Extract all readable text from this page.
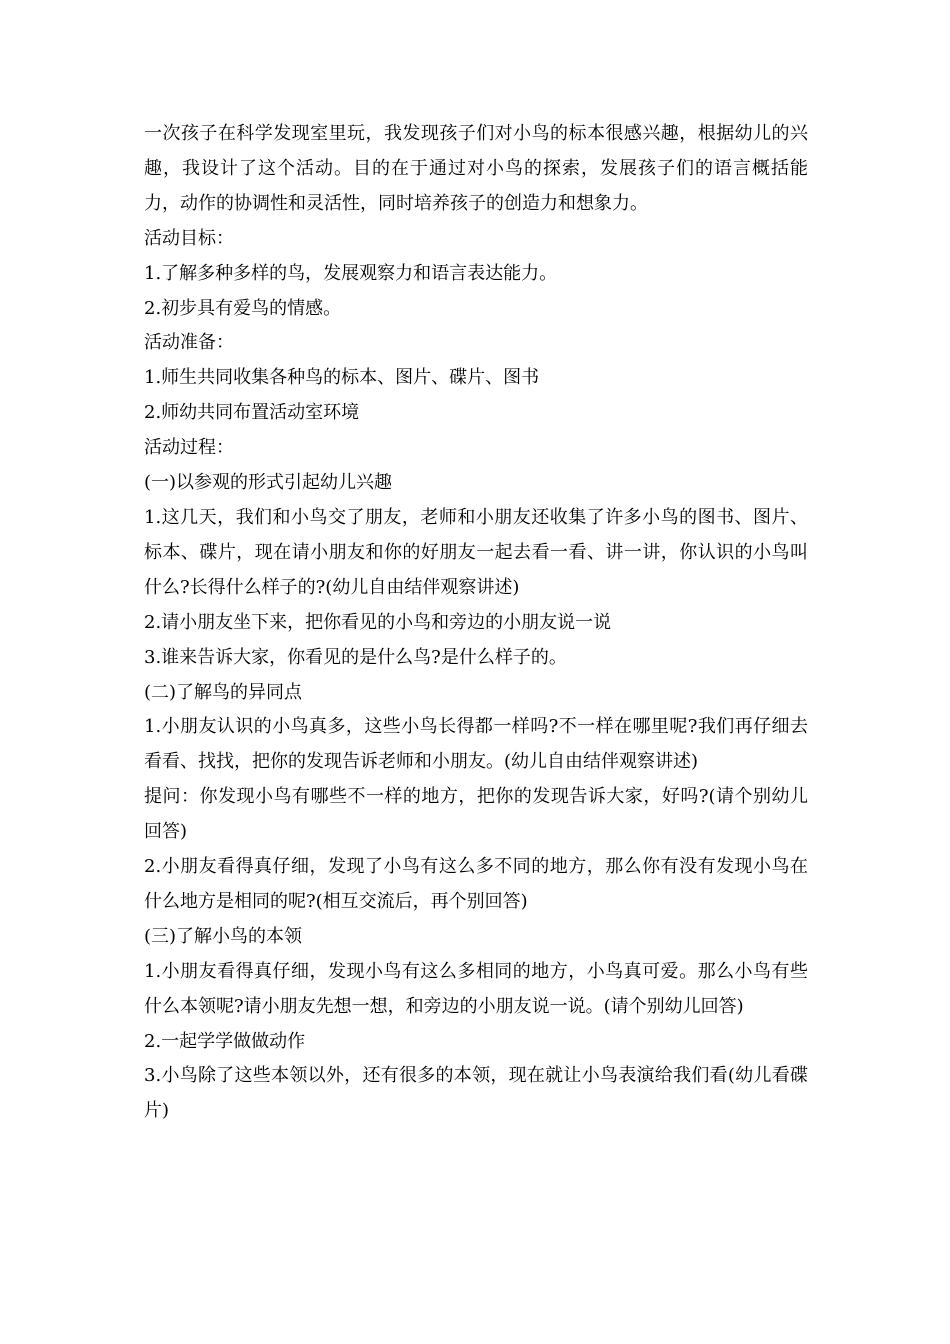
一次孩子在科学发现室里玩，我发现孩子们对小鸟的标本很感兴趣，根据幼儿的兴趣，我设计了这个活动。目的在于通过对小鸟的探索，发展孩子们的语言概括能力，动作的协调性和灵活性，同时培养孩子的创造力和想象力。

活动目标：

1.了解多种多样的鸟，发展观察力和语言表达能力。

2.初步具有爱鸟的情感。

活动准备：

1.师生共同收集各种鸟的标本、图片、碟片、图书

2.师幼共同布置活动室环境

活动过程：

(一)以参观的形式引起幼儿兴趣

1.这几天，我们和小鸟交了朋友，老师和小朋友还收集了许多小鸟的图书、图片、标本、碟片，现在请小朋友和你的好朋友一起去看一看、讲一讲，你认识的小鸟叫什么?长得什么样子的?(幼儿自由结伴观察讲述)

2.请小朋友坐下来，把你看见的小鸟和旁边的小朋友说一说

3.谁来告诉大家，你看见的是什么鸟?是什么样子的。

(二)了解鸟的异同点

1.小朋友认识的小鸟真多，这些小鸟长得都一样吗?不一样在哪里呢?我们再仔细去看看、找找，把你的发现告诉老师和小朋友。(幼儿自由结伴观察讲述)

提问：你发现小鸟有哪些不一样的地方，把你的发现告诉大家，好吗?(请个别幼儿回答)

2.小朋友看得真仔细，发现了小鸟有这么多不同的地方，那么你有没有发现小鸟在什么地方是相同的呢?(相互交流后，再个别回答)

(三)了解小鸟的本领

1.小朋友看得真仔细，发现小鸟有这么多相同的地方，小鸟真可爱。那么小鸟有些什么本领呢?请小朋友先想一想，和旁边的小朋友说一说。(请个别幼儿回答)

2.一起学学做做动作

3.小鸟除了这些本领以外，还有很多的本领，现在就让小鸟表演给我们看(幼儿看碟片)
